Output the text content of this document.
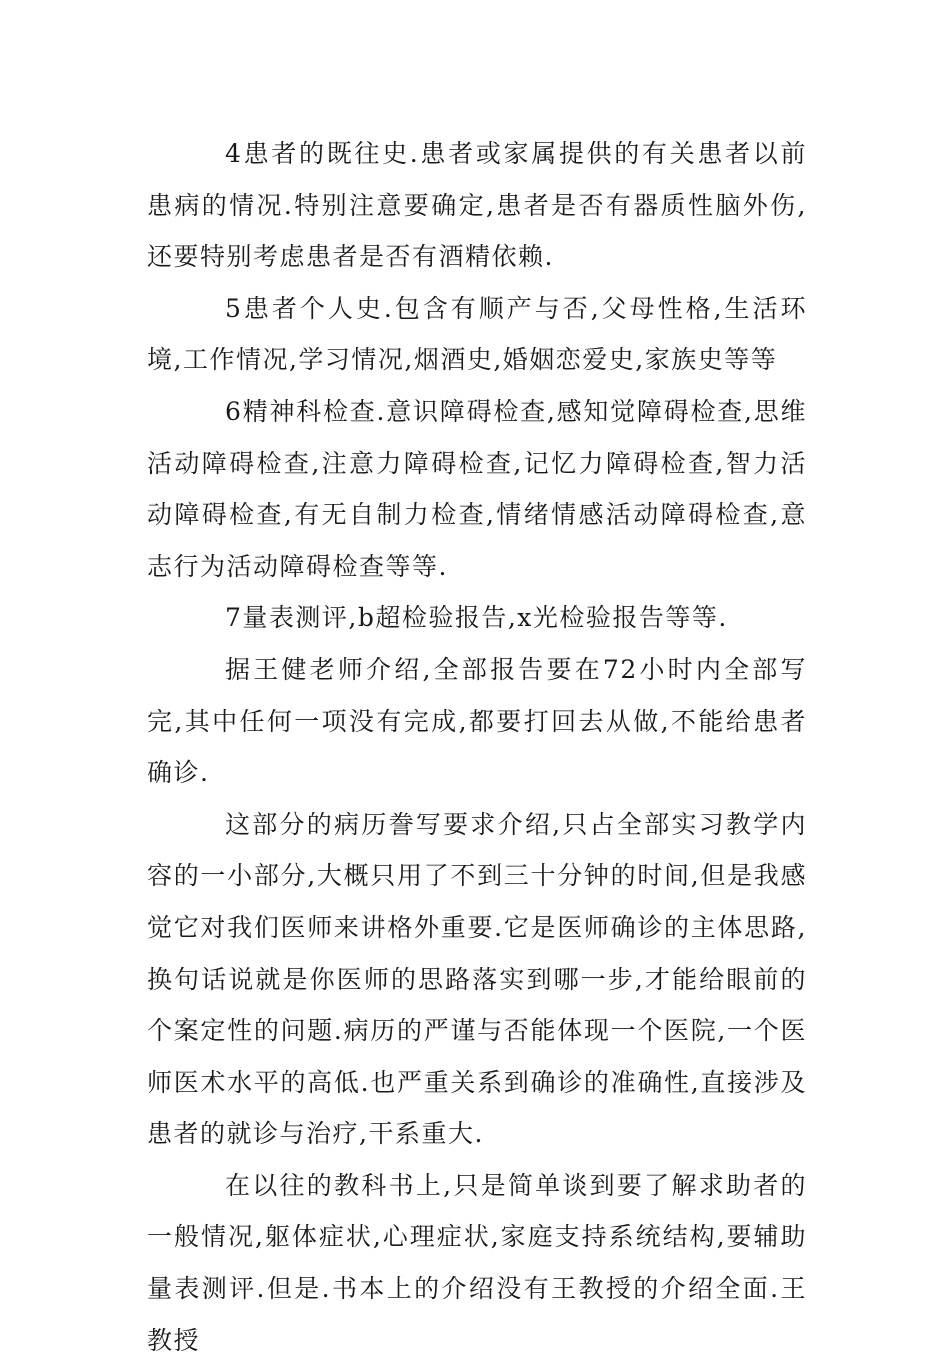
4患者的既往史.患者或家属提供的有关患者以前患病的情况.特别注意要确定,患者是否有器质性脑外伤,还要特别考虑患者是否有酒精依赖.

5患者个人史.包含有顺产与否,父母性格,生活环境,工作情况,学习情况,烟酒史,婚姻恋爱史,家族史等等

6精神科检查.意识障碍检查,感知觉障碍检查,思维活动障碍检查,注意力障碍检查,记忆力障碍检查,智力活动障碍检查,有无自制力检查,情绪情感活动障碍检查,意志行为活动障碍检查等等.

7量表测评,b超检验报告,x光检验报告等等.

据王健老师介绍,全部报告要在72小时内全部写完,其中任何一项没有完成,都要打回去从做,不能给患者确诊.

这部分的病历誊写要求介绍,只占全部实习教学内容的一小部分,大概只用了不到三十分钟的时间,但是我感觉它对我们医师来讲格外重要.它是医师确诊的主体思路,换句话说就是你医师的思路落实到哪一步,才能给眼前的个案定性的问题.病历的严谨与否能体现一个医院,一个医师医术水平的高低.也严重关系到确诊的准确性,直接涉及患者的就诊与治疗,干系重大.

在以往的教科书上,只是简单谈到要了解求助者的一般情况,躯体症状,心理症状,家庭支持系统结构,要辅助量表测评.但是.书本上的介绍没有王教授的介绍全面.王教授
